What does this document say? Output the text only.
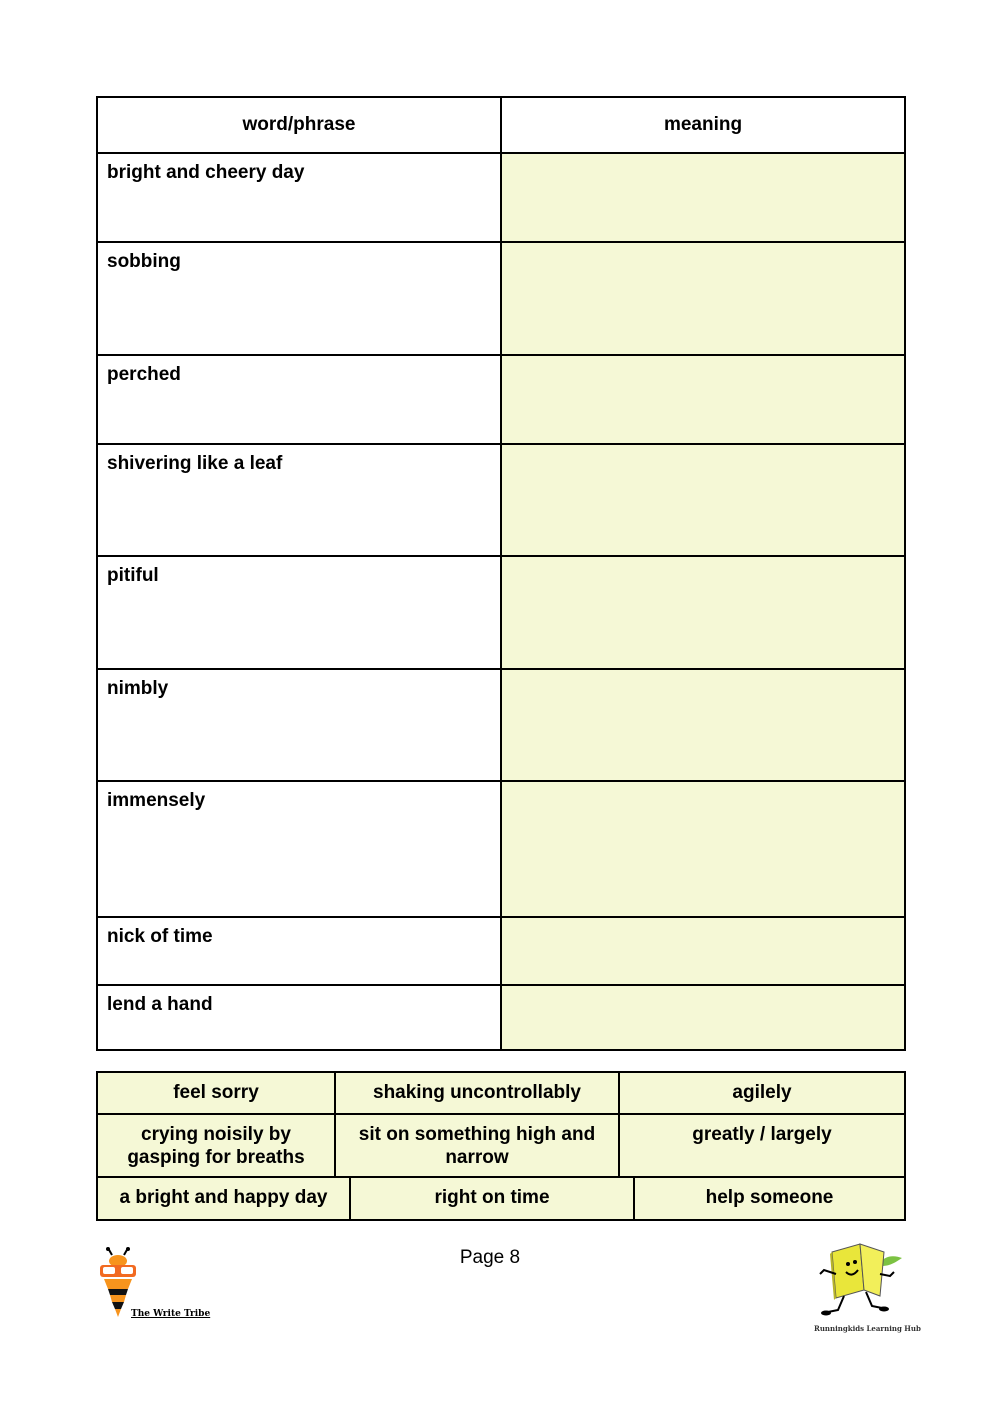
word/phrase	meaning
bright and cheery day	
sobbing	
perched	
shivering like a leaf	
pitiful	
nimbly	
immensely	
nick of time	
lend a hand	
feel sorry	shaking uncontrollably	agilely
crying noisily by gasping for breaths	sit on something high and narrow	greatly / largely
a bright and happy day	right on time	help someone
Page 8
The Write Tribe
Runningkids Learning Hub
